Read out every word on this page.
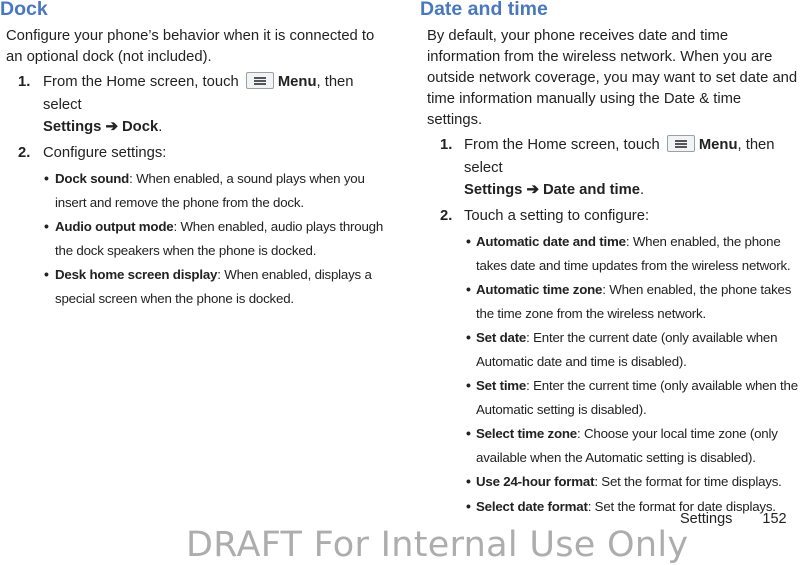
Dock
Configure your phone’s behavior when it is connected to an optional dock (not included).
1. From the Home screen, touch	Menu, then select
Settings ➔ Dock.
2. Configure settings:
• Dock sound: When enabled, a sound plays when you insert and remove the phone from the dock.
• Audio output mode: When enabled, audio plays through the dock speakers when the phone is docked.
• Desk home screen display: When enabled, displays a special screen when the phone is docked.
Date and time
By default, your phone receives date and time information from the wireless network. When you are outside network coverage, you may want to set date and time information manually using the Date & time settings.
1. From the Home screen, touch	Menu, then select
Settings ➔ Date and time.
2. Touch a setting to configure:
• Automatic date and time: When enabled, the phone takes date and time updates from the wireless network.
• Automatic time zone: When enabled, the phone takes the time zone from the wireless network.
• Set date: Enter the current date (only available when Automatic date and time is disabled).
• Set time: Enter the current time (only available when the Automatic setting is disabled).
• Select time zone: Choose your local time zone (only available when the Automatic setting is disabled).
• Use 24-hour format: Set the format for time displays.
• Select date format: Set the format for date displays.
Settings 152
DRAFT For Internal Use Only
